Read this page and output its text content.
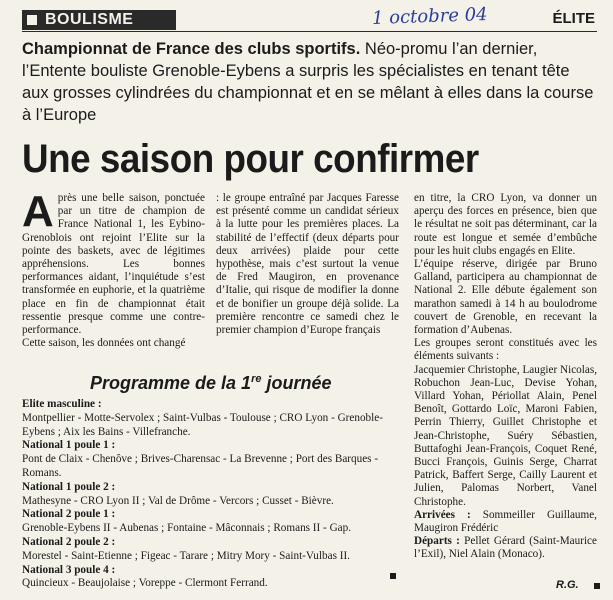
BOULISME	1 octobre 04	ÉLITE
Championnat de France des clubs sportifs. Néo-promu l’an dernier, l’Entente bouliste Grenoble-Eybens a surpris les spécialistes en tenant tête aux grosses cylindrées du championnat et en se mêlant à elles dans la course à l’Europe
Une saison pour confirmer

Après une belle saison, ponctuée par un titre de champion de France National 1, les Eybino-Grenoblois ont rejoint l’Elite sur la pointe des baskets, avec de légitimes appréhensions. Les bonnes performances aidant, l’inquiétude s’est transformée en euphorie, et la quatrième place en fin de championnat était ressentie presque comme une contre-performance.

Cette saison, les données ont changé

: le groupe entraîné par Jacques Faresse est présenté comme un candidat sérieux à la lutte pour les premières places. La stabilité de l’effectif (deux départs pour deux arrivées) plaide pour cette hypothèse, mais c’est surtout la venue de Fred Maugiron, en provenance d’Italie, qui risque de modifier la donne et de bonifier un groupe déjà solide. La première rencontre ce samedi chez le premier champion d’Europe français

en titre, la CRO Lyon, va donner un aperçu des forces en présence, bien que le résultat ne soit pas déterminant, car la route est longue et semée d’embûche pour les huit clubs engagés en Elite.

L’équipe réserve, dirigée par Bruno Galland, participera au championnat de National 2. Elle débute également son marathon samedi à 14 h au boulodrome couvert de Grenoble, en recevant la formation d’Aubenas.

Les groupes seront constitués avec les éléments suivants :

Jacquemier Christophe, Laugier Nicolas, Robuchon Jean-Luc, Devise Yohan, Villard Yohan, Périollat Alain, Penel Benoît, Gottardo Loïc, Maroni Fabien, Perrin Thierry, Guillet Christophe et Jean-Christophe, Suéry Sébastien, Buttafoghi Jean-François, Coquet René, Bucci François, Guinis Serge, Charrat Patrick, Baffert Serge, Cailly Laurent et Julien, Palomas Norbert, Vanel Christophe.

Arrivées : Sommeiller Guillaume, Maugiron Frédéric

Départs : Pellet Gérard (Saint-Maurice l’Exil), Niel Alain (Monaco).

Programme de la 1re journée
Elite masculine :
Montpellier - Motte-Servolex ; Saint-Vulbas - Toulouse ; CRO Lyon - Grenoble-
Eybens ; Aix les Bains - Villefranche.
National 1 poule 1 :
Pont de Claix - Chenôve ; Brives-Charensac - La Brevenne ; Port des Barques -
Romans.
National 1 poule 2 :
Mathesyne - CRO Lyon II ; Val de Drôme - Vercors ; Cusset - Bièvre.
National 2 poule 1 :
Grenoble-Eybens II - Aubenas ; Fontaine - Mâconnais ; Romans II - Gap.
National 2 poule 2 :
Morestel - Saint-Etienne ; Figeac - Tarare ; Mitry Mory - Saint-Vulbas II.
National 3 poule 4 :
Quincieux - Beaujolaise ; Voreppe - Clermont Ferrand.	R.G.
